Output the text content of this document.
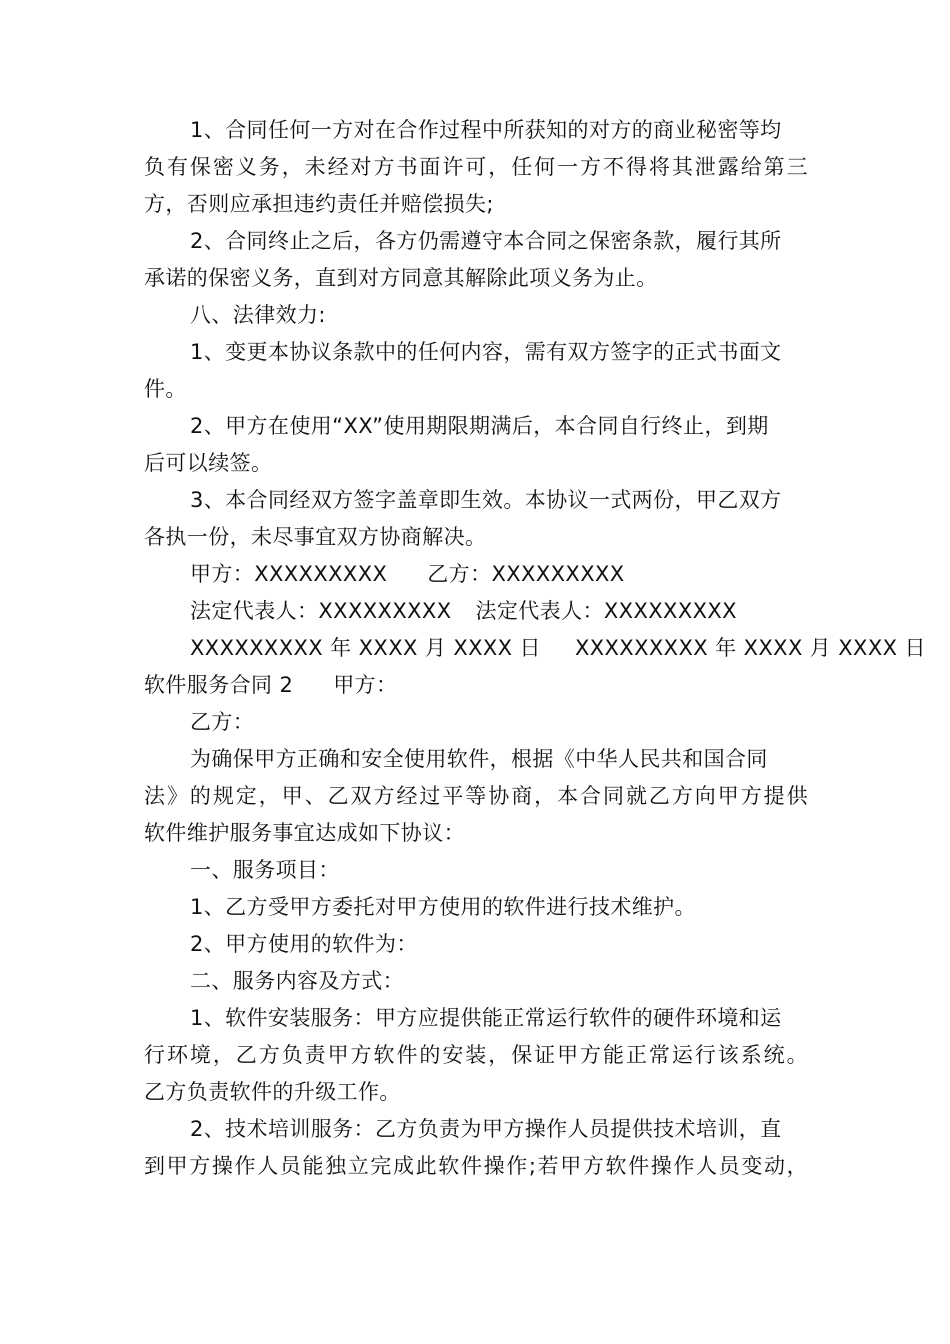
1、合同任何一方对在合作过程中所获知的对方的商业秘密等均
负有保密义务，未经对方书面许可，任何一方不得将其泄露给第三
方，否则应承担违约责任并赔偿损失;
2、合同终止之后，各方仍需遵守本合同之保密条款，履行其所
承诺的保密义务，直到对方同意其解除此项义务为止。
八、法律效力:
1、变更本协议条款中的任何内容，需有双方签字的正式书面文
件。
2、甲方在使用“XX”使用期限期满后，本合同自行终止，到期
后可以续签。
3、本合同经双方签字盖章即生效。本协议一式两份，甲乙双方
各执一份，未尽事宜双方协商解决。
甲方：XXXXXXXXX 乙方：XXXXXXXXX
法定代表人：XXXXXXXXX 法定代表人：XXXXXXXXX
XXXXXXXXX 年 XXXX 月 XXXX 日 XXXXXXXXX 年 XXXX 月 XXXX 日
软件服务合同 2 甲方：
乙方：
为确保甲方正确和安全使用软件，根据《中华人民共和国合同
法》的规定，甲、乙双方经过平等协商，本合同就乙方向甲方提供
软件维护服务事宜达成如下协议：
一、服务项目：
1、乙方受甲方委托对甲方使用的软件进行技术维护。
2、甲方使用的软件为：
二、服务内容及方式：
1、软件安装服务：甲方应提供能正常运行软件的硬件环境和运
行环境，乙方负责甲方软件的安装，保证甲方能正常运行该系统。
乙方负责软件的升级工作。
2、技术培训服务：乙方负责为甲方操作人员提供技术培训，直
到甲方操作人员能独立完成此软件操作;若甲方软件操作人员变动，
